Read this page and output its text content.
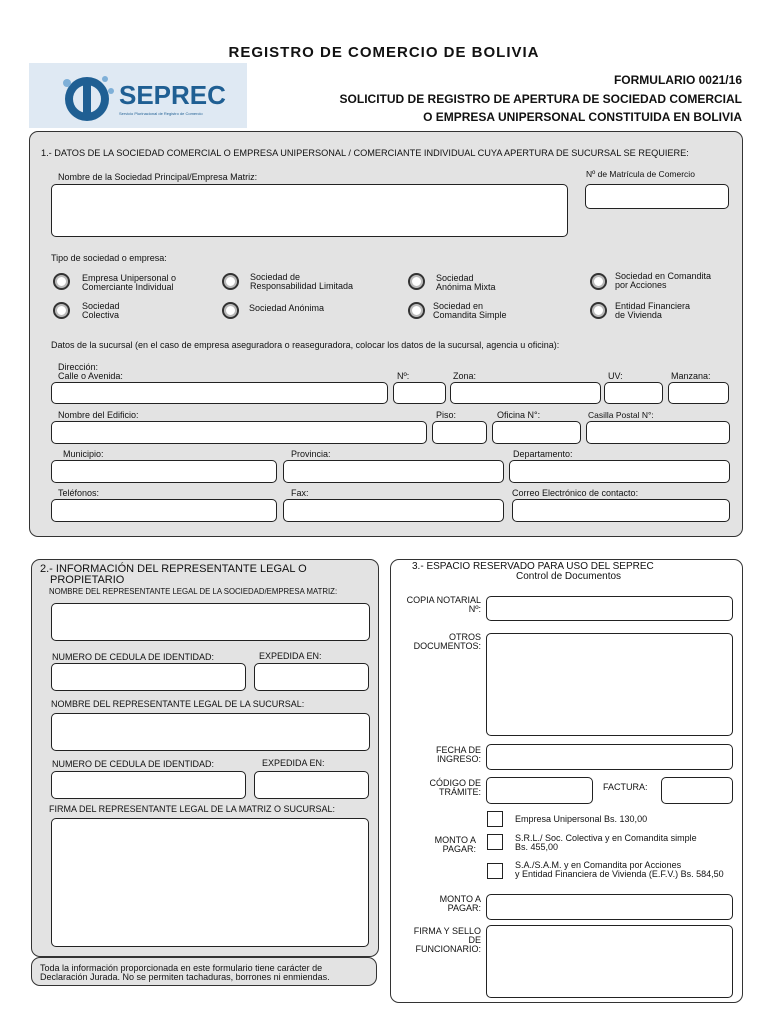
REGISTRO DE COMERCIO DE BOLIVIA
SEPREC
Servicio Plurinacional de Registro de Comercio
FORMULARIO 0021/16
SOLICITUD DE REGISTRO DE APERTURA DE SOCIEDAD COMERCIAL
O EMPRESA UNIPERSONAL CONSTITUIDA EN BOLIVIA
1.- DATOS DE LA SOCIEDAD COMERCIAL O EMPRESA UNIPERSONAL / COMERCIANTE INDIVIDUAL CUYA APERTURA DE SUCURSAL SE REQUIERE:
Nombre de la Sociedad Principal/Empresa Matriz:	Nº de Matrícula de Comercio
Tipo de sociedad o empresa:
Empresa Unipersonal o
Comerciante Individual
Sociedad de
Responsabilidad Limitada
Sociedad
Anónima Mixta
Sociedad en Comandita
por Acciones
Sociedad
Colectiva
Sociedad Anónima	Sociedad en
Comandita Simple
Entidad Financiera
de Vivienda
Datos de la sucursal (en el caso de empresa aseguradora o reaseguradora, colocar los datos de la sucursal, agencia u oficina):
Dirección:
Calle o Avenida:	Nº:	Zona:	UV:	Manzana:
Nombre del Edificio:	Piso:	Oficina N°:	Casilla Postal N°:
Municipio:	Provincia:	Departamento:
Teléfonos:	Fax:	Correo Electrónico de contacto:
2.- INFORMACIÓN DEL REPRESENTANTE LEGAL O
PROPIETARIO
NOMBRE DEL REPRESENTANTE LEGAL DE LA SOCIEDAD/EMPRESA MATRIZ:
NUMERO DE CEDULA DE IDENTIDAD:	EXPEDIDA EN:
NOMBRE DEL REPRESENTANTE LEGAL DE LA SUCURSAL:
NUMERO DE CEDULA DE IDENTIDAD:	EXPEDIDA EN:
FIRMA DEL REPRESENTANTE LEGAL DE LA MATRIZ O SUCURSAL:
Toda la información proporcionada en este formulario tiene carácter de
Declaración Jurada. No se permiten tachaduras, borrones ni enmiendas.
3.- ESPACIO RESERVADO PARA USO DEL SEPREC
Control de Documentos
COPIA NOTARIAL
Nº:
OTROS
DOCUMENTOS:
FECHA DE
INGRESO:
CÓDIGO DE
TRÁMITE:	FACTURA:
Empresa Unipersonal Bs. 130,00
MONTO A
PAGAR:
S.R.L./ Soc. Colectiva y en Comandita simple
Bs. 455,00
S.A./S.A.M. y en Comandita por Acciones
y Entidad Financiera de Vivienda (E.F.V.) Bs. 584,50
MONTO A
PAGAR:
FIRMA Y SELLO
DE
FUNCIONARIO:
